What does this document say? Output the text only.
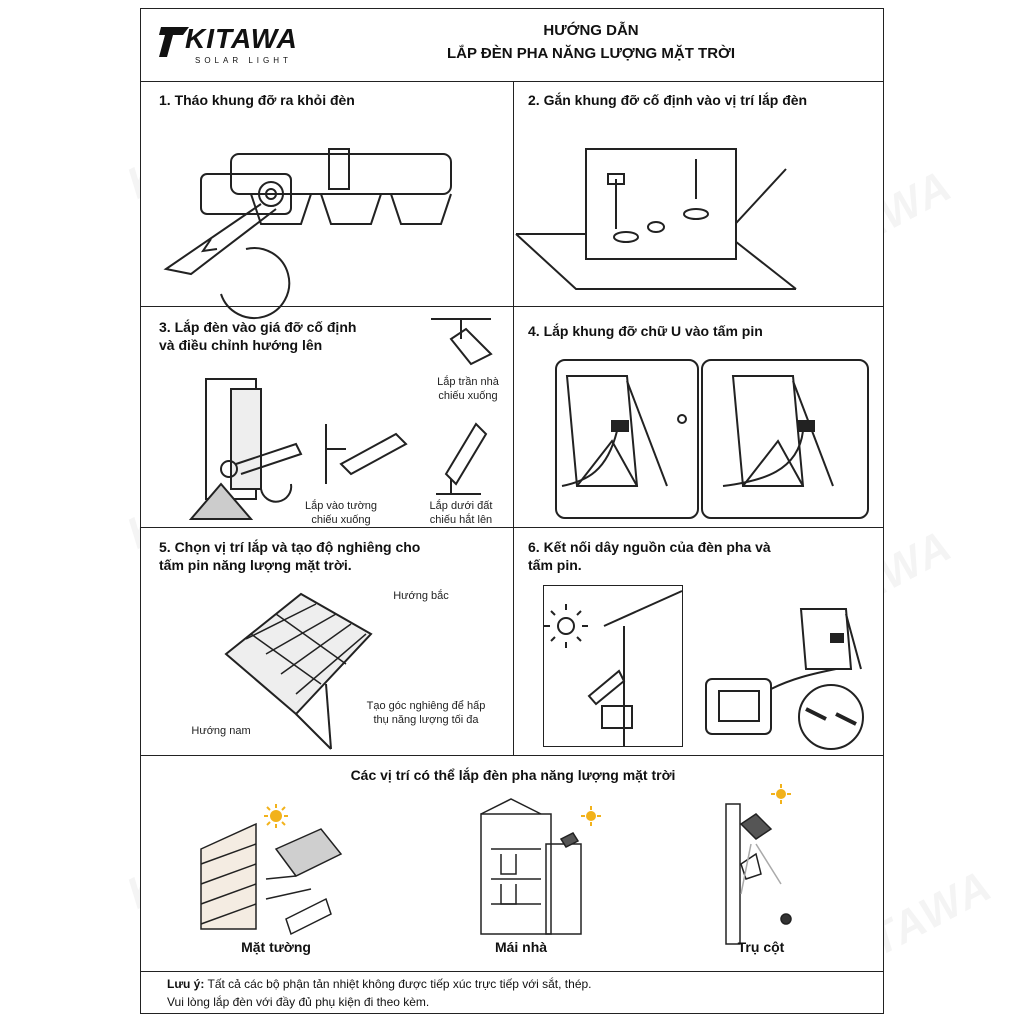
KITAWA
SOLAR LIGHT
HƯỚNG DẪN
LẮP ĐÈN PHA NĂNG LƯỢNG MẶT TRỜI
1. Tháo khung đỡ ra khỏi đèn	2. Gắn khung đỡ cố định vào vị trí lắp đèn
3. Lắp đèn vào giá đỡ cố định
và điều chỉnh hướng lên
Lắp trần nhà
chiếu xuống
Lắp vào tường
chiếu xuống
Lắp dưới đất
chiếu hắt lên
4. Lắp khung đỡ chữ U vào tấm pin
5. Chọn vị trí lắp và tạo độ nghiêng cho
tấm pin năng lượng mặt trời.
Hướng bắc
Hướng nam
Tạo góc nghiêng để hấp
thụ năng lượng tối đa
6. Kết nối dây nguồn của đèn pha và
tấm pin.
Các vị trí có thể lắp đèn pha năng lượng mặt trời
Mặt tường	Mái nhà	Trụ cột
Lưu ý: Tất cả các bộ phận tản nhiệt không được tiếp xúc trực tiếp với sắt, thép.
Vui lòng lắp đèn với đầy đủ phụ kiện đi theo kèm.
